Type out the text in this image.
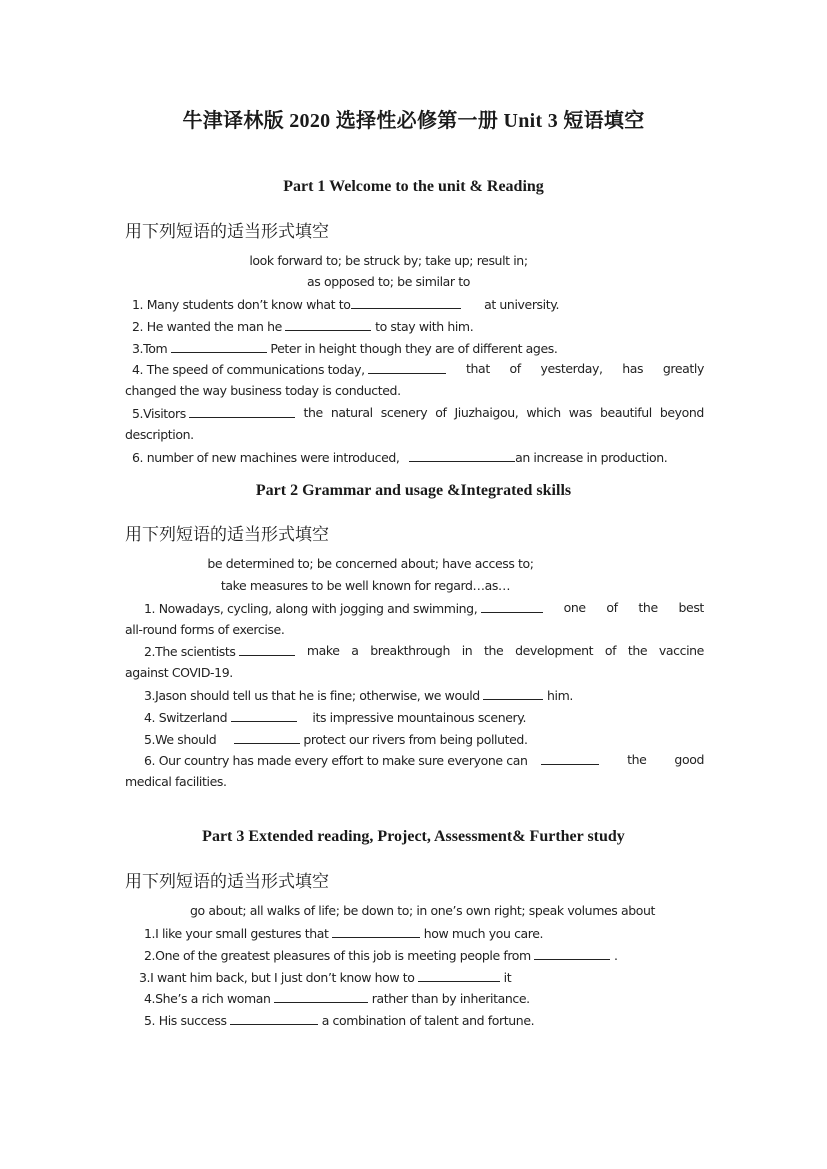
牛津译林版 2020 选择性必修第一册 Unit 3 短语填空
Part 1 Welcome to the unit & Reading
用下列短语的适当形式填空
look forward to; be struck by; take up; result in;
as opposed to; be similar to
1. Many students don’t know what to	at university.
2. He wanted the man he	to stay with him.
3.Tom	Peter in height though they are of different ages.
4. The speed of communications today,	that of yesterday, has greatly
changed the way business today is conducted.
5.Visitors	the natural scenery of Jiuzhaigou, which was beautiful beyond
description.
6. number of new machines were introduced,	an increase in production.
Part 2 Grammar and usage &Integrated skills
用下列短语的适当形式填空
be determined to; be concerned about; have access to;
take measures to be well known for regard…as…
1. Nowadays, cycling, along with jogging and swimming,	one of the best
all-round forms of exercise.
2.The scientists	make a breakthrough in the development of the vaccine
against COVID-19.
3.Jason should tell us that he is fine; otherwise, we would	him.
4. Switzerland	its impressive mountainous scenery.
5.We should	protect our rivers from being polluted.
6. Our country has made every effort to make sure everyone can	the good
medical facilities.
Part 3 Extended reading, Project, Assessment& Further study
用下列短语的适当形式填空
go about; all walks of life; be down to; in one’s own right; speak volumes about
1.I like your small gestures that	how much you care.
2.One of the greatest pleasures of this job is meeting people from	.
3.I want him back, but I just don’t know how to	it
4.She’s a rich woman	rather than by inheritance.
5. His success	a combination of talent and fortune.
